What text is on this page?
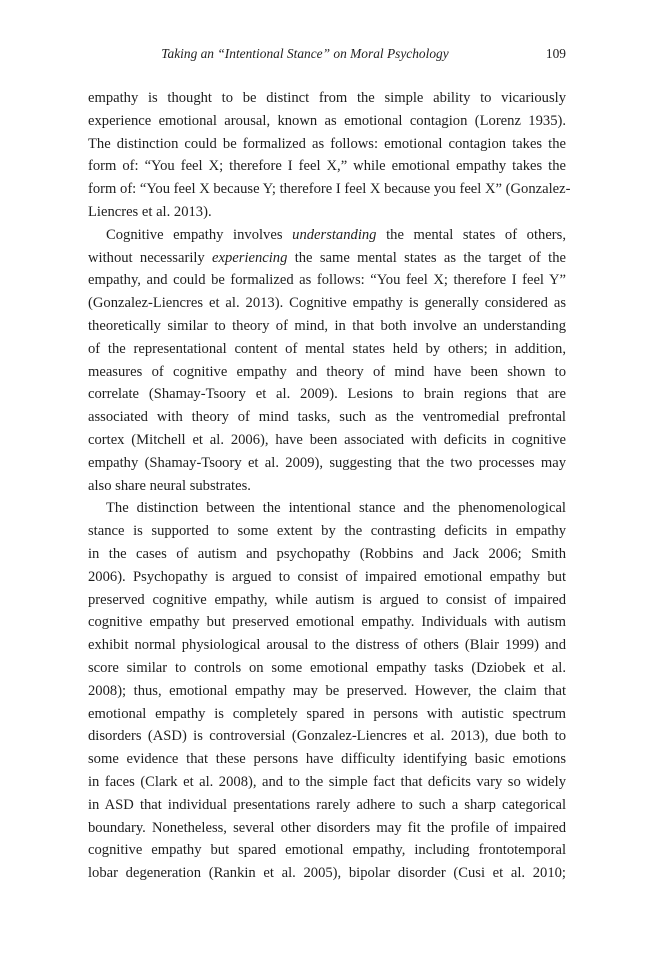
Taking an “Intentional Stance” on Moral Psychology	109

empathy is thought to be distinct from the simple ability to vicariously
experience emotional arousal, known as emotional contagion (Lorenz 1935).
The distinction could be formalized as follows: emotional contagion takes the
form of: “You feel X; therefore I feel X,” while emotional empathy takes the
form of: “You feel X because Y; therefore I feel X because you feel X” (Gonzalez-
Liencres et al. 2013).

Cognitive empathy involves understanding the mental states of others,
without necessarily experiencing the same mental states as the target of the
empathy, and could be formalized as follows: “You feel X; therefore I feel Y”
(Gonzalez-Liencres et al. 2013). Cognitive empathy is generally considered as
theoretically similar to theory of mind, in that both involve an understanding
of the representational content of mental states held by others; in addition,
measures of cognitive empathy and theory of mind have been shown to
correlate (Shamay-Tsoory et al. 2009). Lesions to brain regions that are
associated with theory of mind tasks, such as the ventromedial prefrontal
cortex (Mitchell et al. 2006), have been associated with deficits in cognitive
empathy (Shamay-Tsoory et al. 2009), suggesting that the two processes may
also share neural substrates.

The distinction between the intentional stance and the phenomenological
stance is supported to some extent by the contrasting deficits in empathy
in the cases of autism and psychopathy (Robbins and Jack 2006; Smith
2006). Psychopathy is argued to consist of impaired emotional empathy but
preserved cognitive empathy, while autism is argued to consist of impaired
cognitive empathy but preserved emotional empathy. Individuals with autism
exhibit normal physiological arousal to the distress of others (Blair 1999) and
score similar to controls on some emotional empathy tasks (Dziobek et al.
2008); thus, emotional empathy may be preserved. However, the claim that
emotional empathy is completely spared in persons with autistic spectrum
disorders (ASD) is controversial (Gonzalez-Liencres et al. 2013), due both to
some evidence that these persons have difficulty identifying basic emotions
in faces (Clark et al. 2008), and to the simple fact that deficits vary so widely
in ASD that individual presentations rarely adhere to such a sharp categorical
boundary. Nonetheless, several other disorders may fit the profile of impaired
cognitive empathy but spared emotional empathy, including frontotemporal
lobar degeneration (Rankin et al. 2005), bipolar disorder (Cusi et al. 2010;
